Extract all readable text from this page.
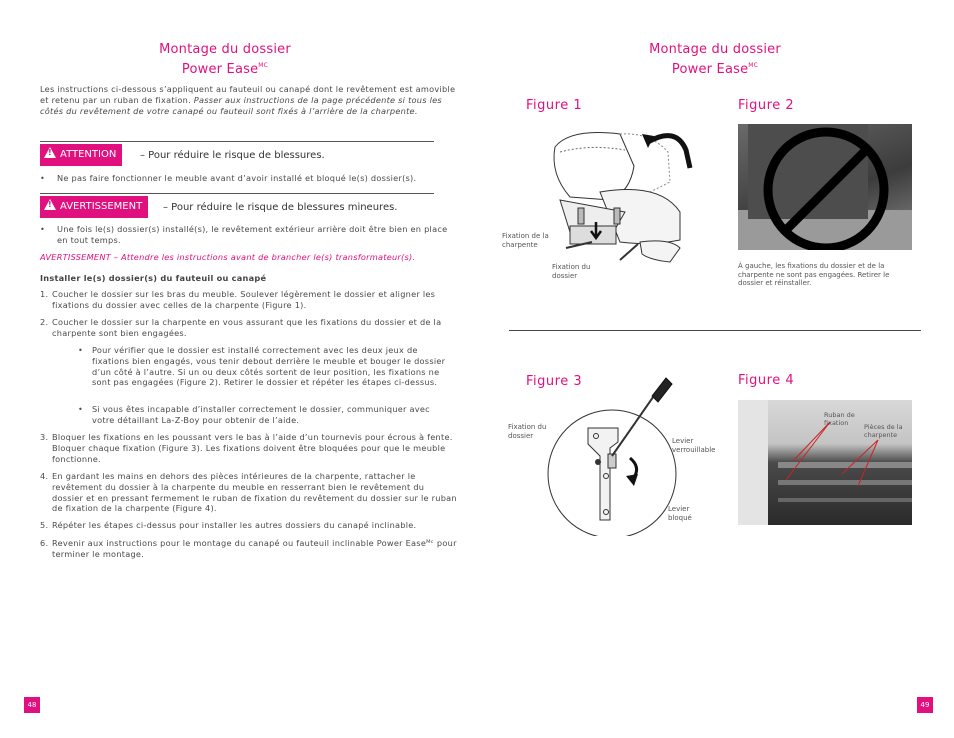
Montage du dossier
Power Ease$^{MC}$
Les instructions ci-dessous s’appliquent au fauteuil ou canapé dont le revêtement est amovible et retenu par un ruban de fixation. Passer aux instructions de la page précédente si tous les côtés du revêtement de votre canapé ou fauteuil sont fixés à l’arrière de la charpente.
!ATTENTION	– Pour réduire le risque de blessures.
• Ne pas faire fonctionner le meuble avant d’avoir installé et bloqué le(s) dossier(s).
!AVERTISSEMENT	– Pour réduire le risque de blessures mineures.
• Une fois le(s) dossier(s) installé(s), le revêtement extérieur arrière doit être bien en place en tout temps.
AVERTISSEMENT – Attendre les instructions avant de brancher le(s) transformateur(s).
Installer le(s) dossier(s) du fauteuil ou canapé
1. Coucher le dossier sur les bras du meuble. Soulever légèrement le dossier et aligner les fixations du dossier avec celles de la charpente (Figure 1).
2. Coucher le dossier sur la charpente en vous assurant que les fixations du dossier et de la charpente sont bien engagées.
• Pour vérifier que le dossier est installé correctement avec les deux jeux de fixations bien engagés, vous tenir debout derrière le meuble et bouger le dossier d’un côté à l’autre. Si un ou deux côtés sortent de leur position, les fixations ne sont pas engagées (Figure 2). Retirer le dossier et répéter les étapes ci-dessus.
• Si vous êtes incapable d’installer correctement le dossier, communiquer avec votre détaillant La-Z-Boy pour obtenir de l’aide.
3. Bloquer les fixations en les poussant vers le bas à l’aide d’un tournevis pour écrous à fente. Bloquer chaque fixation (Figure 3). Les fixations doivent être bloquées pour que le meuble fonctionne.
4. En gardant les mains en dehors des pièces intérieures de la charpente, rattacher le revêtement du dossier à la charpente du meuble en resserrant bien le revêtement du dossier et en pressant fermement le ruban de fixation du revêtement du dossier sur le ruban de fixation de la charpente (Figure 4).
5. Répéter les étapes ci-dessus pour installer les autres dossiers du canapé inclinable.
6. Revenir aux instructions pour le montage du canapé ou fauteuil inclinable Power Easeᴹᶜ pour terminer le montage.
48
Montage du dossier
Power Ease$^{MC}$
Figure 1
Fixation de la charpente
Fixation du dossier
Figure 2
À gauche, les fixations du dossier et de la charpente ne sont pas engagées. Retirer le dossier et réinstaller.
Figure 3
Fixation du dossier
Levier verrouillable
Levier bloqué
Figure 4
Ruban de fixation	Pièces de la charpente
49
